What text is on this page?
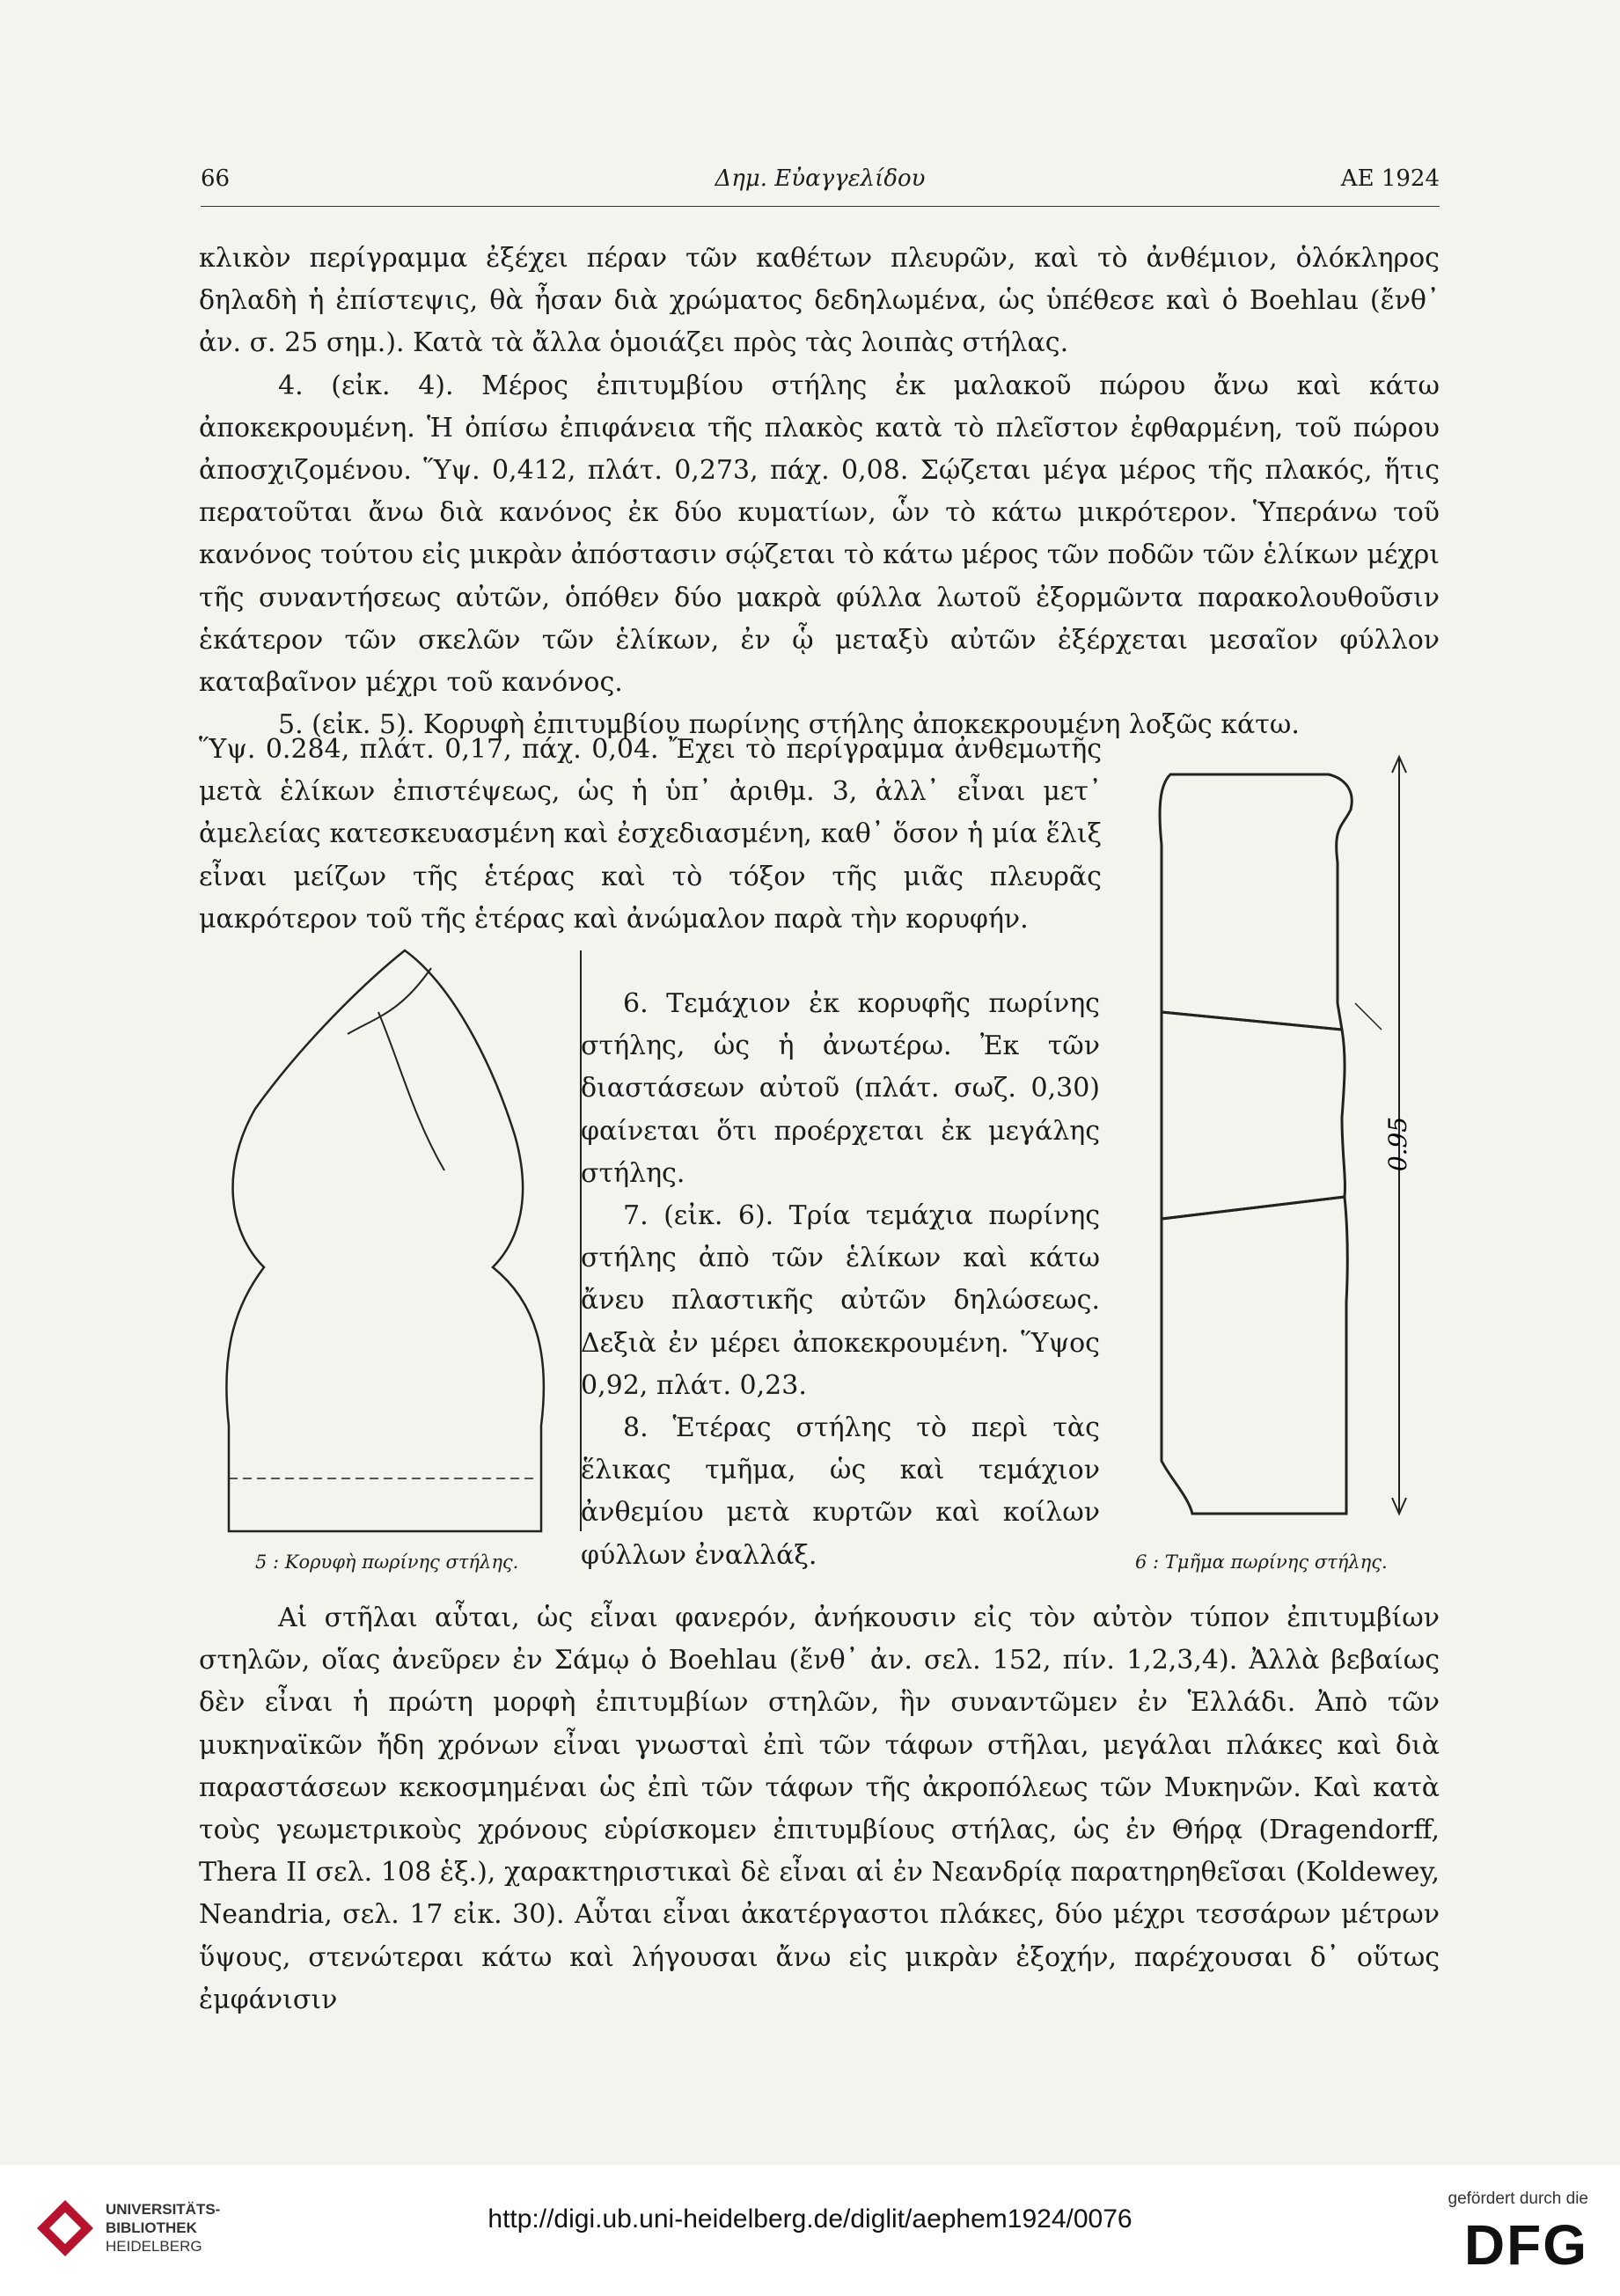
66	Δημ. Εὐαγγελίδου	ΑΕ 1924

κλικὸν περίγραμμα ἐξέχει πέραν τῶν καθέτων πλευρῶν, καὶ τὸ ἀνθέμιον, ὁλόκληρος δηλαδὴ ἡ ἐπίστεψις, θὰ ἦσαν διὰ χρώματος δεδηλωμένα, ὡς ὑπέθεσε καὶ ὁ Boehlau (ἔνθ᾽ ἀν. σ. 25 σημ.). Κατὰ τὰ ἄλλα ὁμοιάζει πρὸς τὰς λοιπὰς στήλας.

4. (εἰκ. 4). Μέρος ἐπιτυμβίου στήλης ἐκ μαλακοῦ πώρου ἄνω καὶ κάτω ἀποκεκρουμένη. Ἡ ὀπίσω ἐπιφάνεια τῆς πλακὸς κατὰ τὸ πλεῖστον ἐφθαρμένη, τοῦ πώρου ἀποσχιζομένου. Ὕψ. 0,412, πλάτ. 0,273, πάχ. 0,08. Σῴζεται μέγα μέρος τῆς πλακός, ἥτις περατοῦται ἄνω διὰ κανόνος ἐκ δύο κυματίων, ὧν τὸ κάτω μικρότερον. Ὑπεράνω τοῦ κανόνος τούτου εἰς μικρὰν ἀπόστασιν σῴζεται τὸ κάτω μέρος τῶν ποδῶν τῶν ἑλίκων μέχρι τῆς συναντήσεως αὐτῶν, ὁπόθεν δύο μακρὰ φύλλα λωτοῦ ἐξορμῶντα παρακολουθοῦσιν ἑκάτερον τῶν σκελῶν τῶν ἑλίκων, ἐν ᾧ μεταξὺ αὐτῶν ἐξέρχεται μεσαῖον φύλλον καταβαῖνον μέχρι τοῦ κανόνος.

5. (εἰκ. 5). Κορυφὴ ἐπιτυμβίου πωρίνης στήλης ἀποκεκρουμένη λοξῶς κάτω.

Ὕψ. 0.284, πλάτ. 0,17, πάχ. 0,04. Ἔχει τὸ περίγραμμα ἀνθεμωτῆς μετὰ ἑλίκων ἐπιστέψεως, ὡς ἡ ὑπ᾽ ἀριθμ. 3, ἀλλ᾽ εἶναι μετ᾽ ἀμελείας κατεσκευασμένη καὶ ἐσχεδιασμένη, καθ᾽ ὅσον ἡ μία ἕλιξ εἶναι μείζων τῆς ἑτέρας καὶ τὸ τόξον τῆς μιᾶς πλευρᾶς μακρότερον τοῦ τῆς ἑτέρας καὶ ἀνώμαλον παρὰ τὴν κορυφήν.

6. Τεμάχιον ἐκ κορυφῆς πωρίνης στήλης, ὡς ἡ ἀνωτέρω. Ἐκ τῶν διαστάσεων αὐτοῦ (πλάτ. σωζ. 0,30) φαίνεται ὅτι προέρχεται ἐκ μεγάλης στήλης.

7. (εἰκ. 6). Τρία τεμάχια πωρίνης στήλης ἀπὸ τῶν ἑλίκων καὶ κάτω ἄνευ πλαστικῆς αὐτῶν δηλώσεως. Δεξιὰ ἐν μέρει ἀποκεκρουμένη. Ὕψος 0,92, πλάτ. 0,23.

8. Ἑτέρας στήλης τὸ περὶ τὰς ἕλικας τμῆμα, ὡς καὶ τεμάχιον ἀνθεμίου μετὰ κυρτῶν καὶ κοίλων φύλλων ἐναλλάξ.

0.95
5 : Κορυφὴ πωρίνης στήλης.	6 : Τμῆμα πωρίνης στήλης.

Αἱ στῆλαι αὗται, ὡς εἶναι φανερόν, ἀνήκουσιν εἰς τὸν αὐτὸν τύπον ἐπιτυμβίων στηλῶν, οἵας ἀνεῦρεν ἐν Σάμῳ ὁ Boehlau (ἔνθ᾽ ἀν. σελ. 152, πίν. 1,2,3,4). Ἀλλὰ βεβαίως δὲν εἶναι ἡ πρώτη μορφὴ ἐπιτυμβίων στηλῶν, ἣν συναντῶμεν ἐν Ἑλλάδι. Ἀπὸ τῶν μυκηναϊκῶν ἤδη χρόνων εἶναι γνωσταὶ ἐπὶ τῶν τάφων στῆλαι, μεγάλαι πλάκες καὶ διὰ παραστάσεων κεκοσμημέναι ὡς ἐπὶ τῶν τάφων τῆς ἀκροπόλεως τῶν Μυκηνῶν. Καὶ κατὰ τοὺς γεωμετρικοὺς χρόνους εὑρίσκομεν ἐπιτυμβίους στήλας, ὡς ἐν Θήρᾳ (Dragendorff, Thera II σελ. 108 ἑξ.), χαρακτηριστικαὶ δὲ εἶναι αἱ ἐν Νεανδρίᾳ παρατηρηθεῖσαι (Koldewey, Neandria, σελ. 17 εἰκ. 30). Αὗται εἶναι ἀκατέργαστοι πλάκες, δύο μέχρι τεσσάρων μέτρων ὕψους, στενώτεραι κάτω καὶ λήγουσαι ἄνω εἰς μικρὰν ἐξοχήν, παρέχουσαι δ᾽ οὕτως ἐμφάνισιν

UNIVERSITÄTS-
BIBLIOTHEK
HEIDELBERG
http://digi.ub.uni-heidelberg.de/diglit/aephem1924/0076
gefördert durch die
DFG
